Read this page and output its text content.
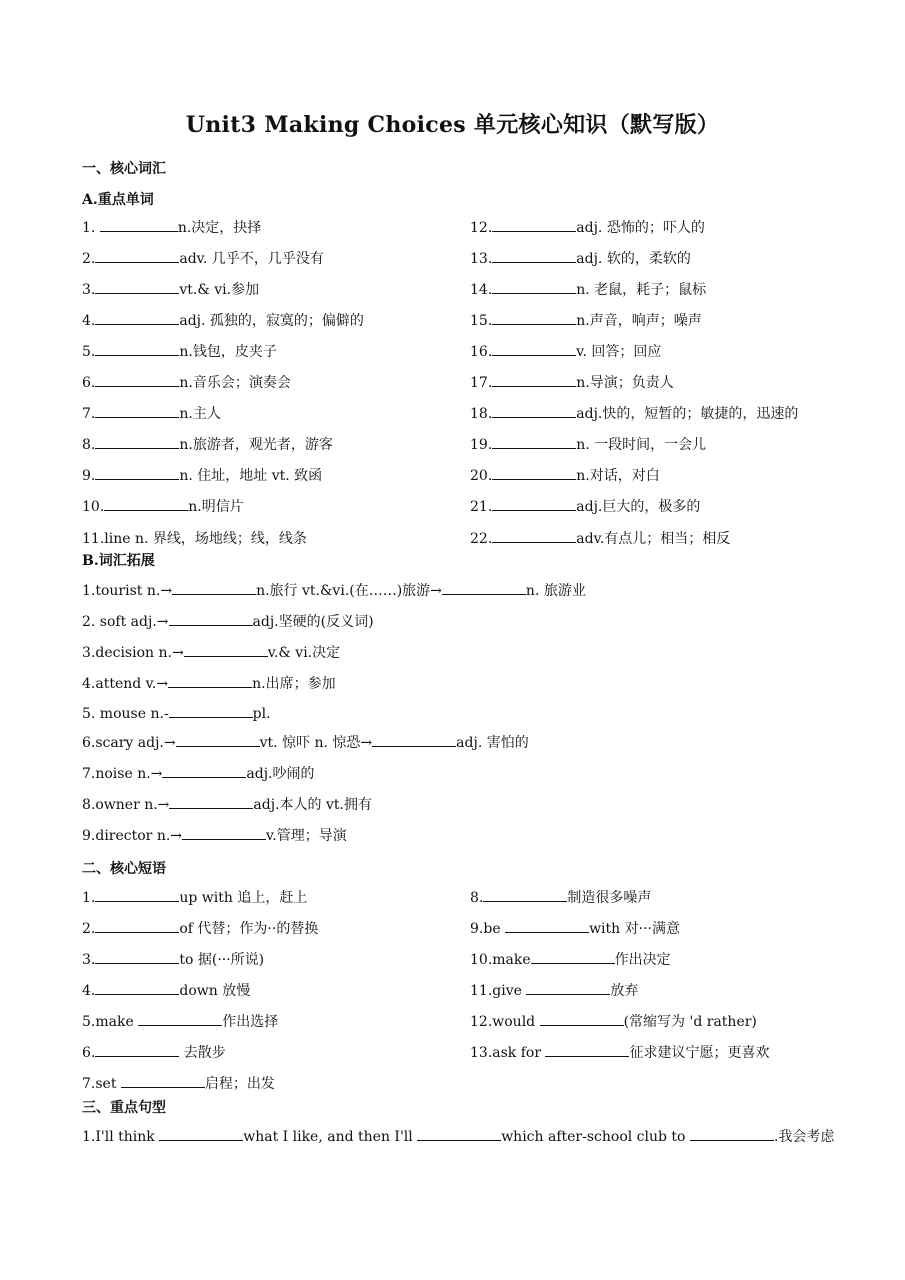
Unit3 Making Choices 单元核心知识（默写版）
一、核心词汇
A.重点单词
1.	n.决定，抉择
2.	adv. 几乎不，几乎没有
3.	vt.& vi.参加
4.	adj. 孤独的，寂寞的；偏僻的
5.	n.钱包，皮夹子
6.	n.音乐会；演奏会
7.	n.主人
8.	n.旅游者，观光者，游客
9.	n. 住址，地址 vt. 致函
10.	n.明信片
11.line n. 界线，场地线；线，线条
12.	adj. 恐怖的；吓人的
13.	adj. 软的，柔软的
14.	n. 老鼠，耗子；鼠标
15.	n.声音，响声；噪声
16.	v. 回答；回应
17.	n.导演；负责人
18.	adj.快的，短暂的；敏捷的，迅速的
19.	n. 一段时间，一会儿
20.	n.对话，对白
21.	adj.巨大的，极多的
22.	adv.有点儿；相当；相反
B.词汇拓展
1.tourist n.→	n.旅行 vt.&vi.(在……)旅游→	n. 旅游业
2. soft adj.→	adj.坚硬的(反义词)
3.decision n.→	v.& vi.决定
4.attend v.→	n.出席；参加
5. mouse n.-	pl.
6.scary adj.→	vt. 惊吓 n. 惊恐→	adj. 害怕的
7.noise n.→	adj.吵闹的
8.owner n.→	adj.本人的 vt.拥有
9.director n.→	v.管理；导演
二、核心短语
1.	up with 追上，赶上
2.	of 代替；作为··的替换
3.	to 据(···所说)
4.	down 放慢
5.make	作出选择
6.	去散步
7.set	启程；出发
8.	制造很多噪声
9.be	with 对···满意
10.make	作出决定
11.give	放弃
12.would	(常缩写为 'd rather)
13.ask for	征求建议宁愿；更喜欢
三、重点句型
1.I'll think	what I like, and then I'll	which after-school club to	.我会考虑
